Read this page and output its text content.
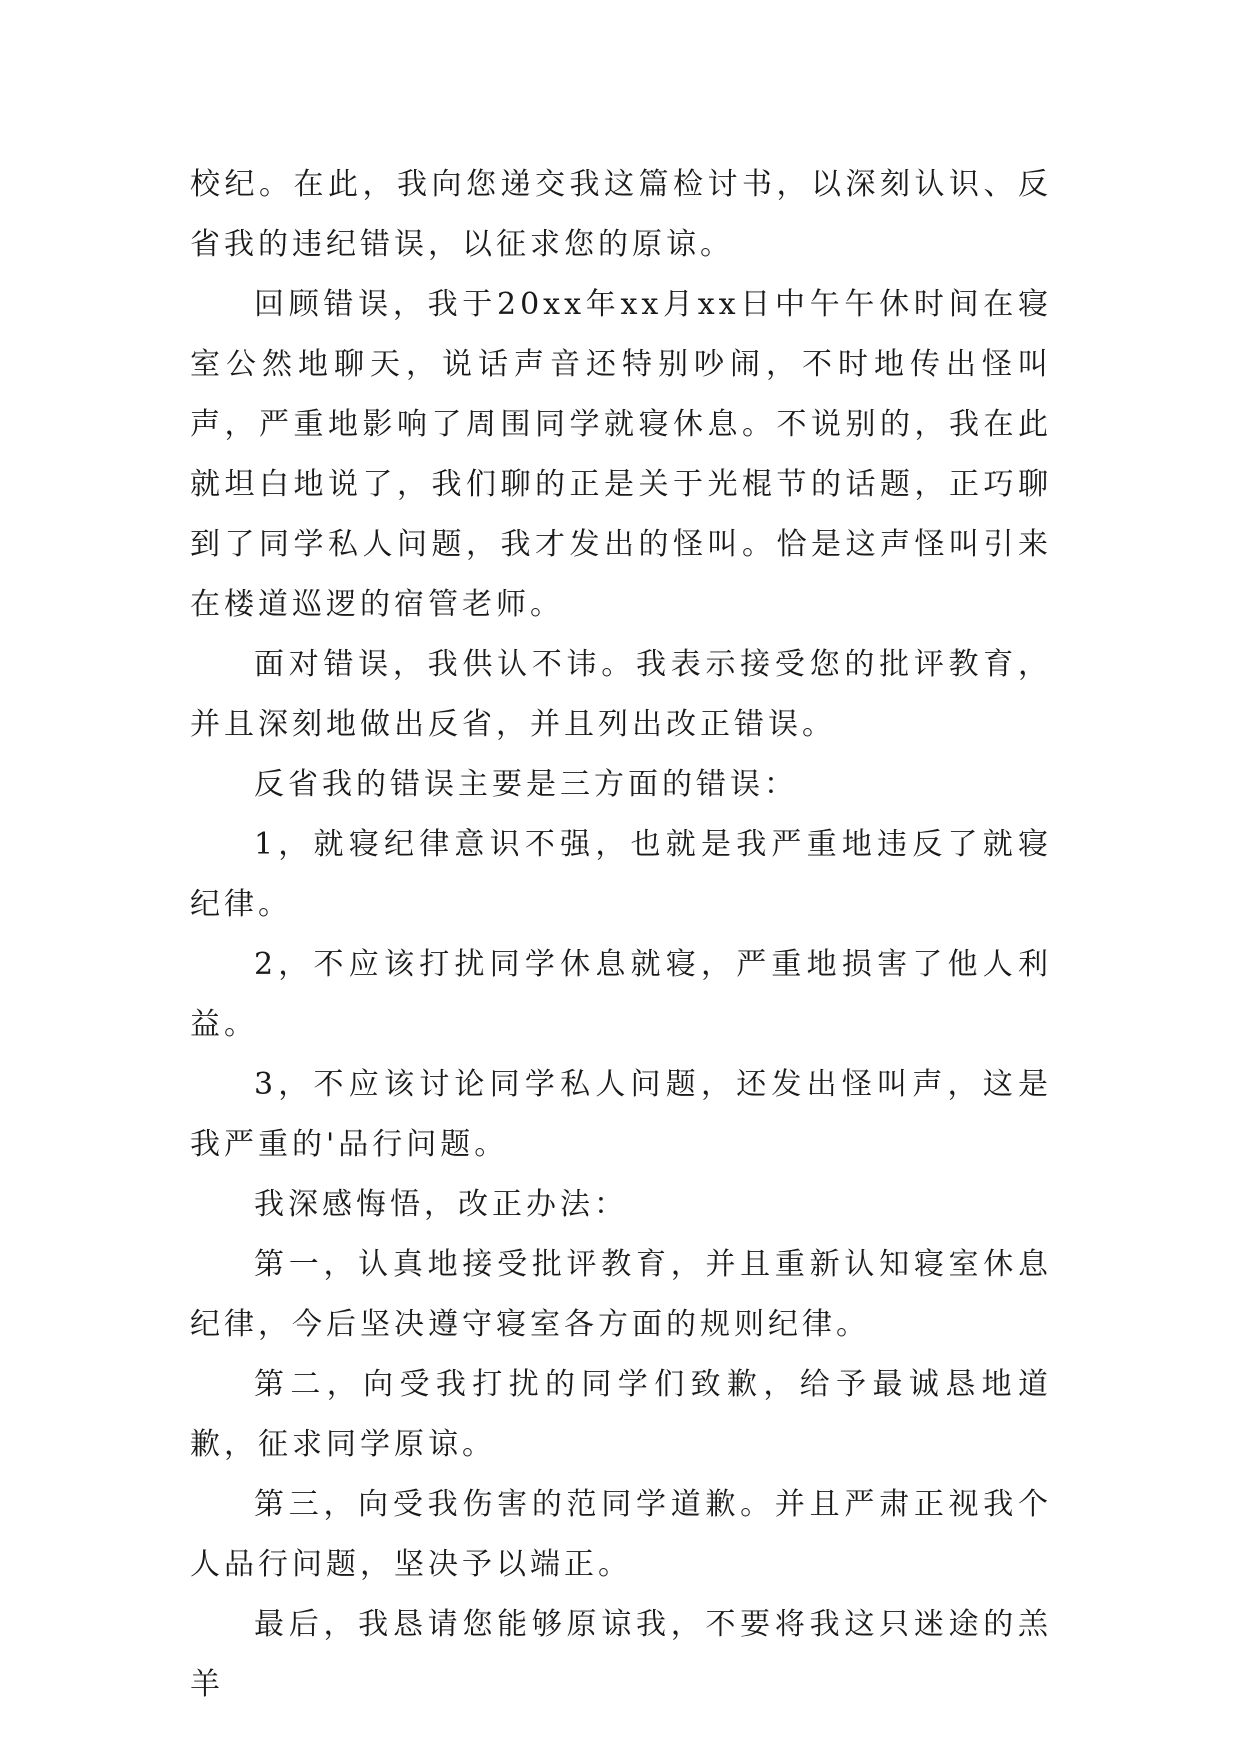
校纪。在此，我向您递交我这篇检讨书，以深刻认识、反省我的违纪错误，以征求您的原谅。

回顾错误，我于20xx年xx月xx日中午午休时间在寝室公然地聊天，说话声音还特别吵闹，不时地传出怪叫声，严重地影响了周围同学就寝休息。不说别的，我在此就坦白地说了，我们聊的正是关于光棍节的话题，正巧聊到了同学私人问题，我才发出的怪叫。恰是这声怪叫引来在楼道巡逻的宿管老师。

面对错误，我供认不讳。我表示接受您的批评教育，并且深刻地做出反省，并且列出改正错误。

反省我的错误主要是三方面的错误：

1，就寝纪律意识不强，也就是我严重地违反了就寝纪律。

2，不应该打扰同学休息就寝，严重地损害了他人利益。

3，不应该讨论同学私人问题，还发出怪叫声，这是我严重的'品行问题。

我深感悔悟，改正办法：

第一，认真地接受批评教育，并且重新认知寝室休息纪律，今后坚决遵守寝室各方面的规则纪律。

第二，向受我打扰的同学们致歉，给予最诚恳地道歉，征求同学原谅。

第三，向受我伤害的范同学道歉。并且严肃正视我个人品行问题，坚决予以端正。

最后，我恳请您能够原谅我，不要将我这只迷途的羔羊
